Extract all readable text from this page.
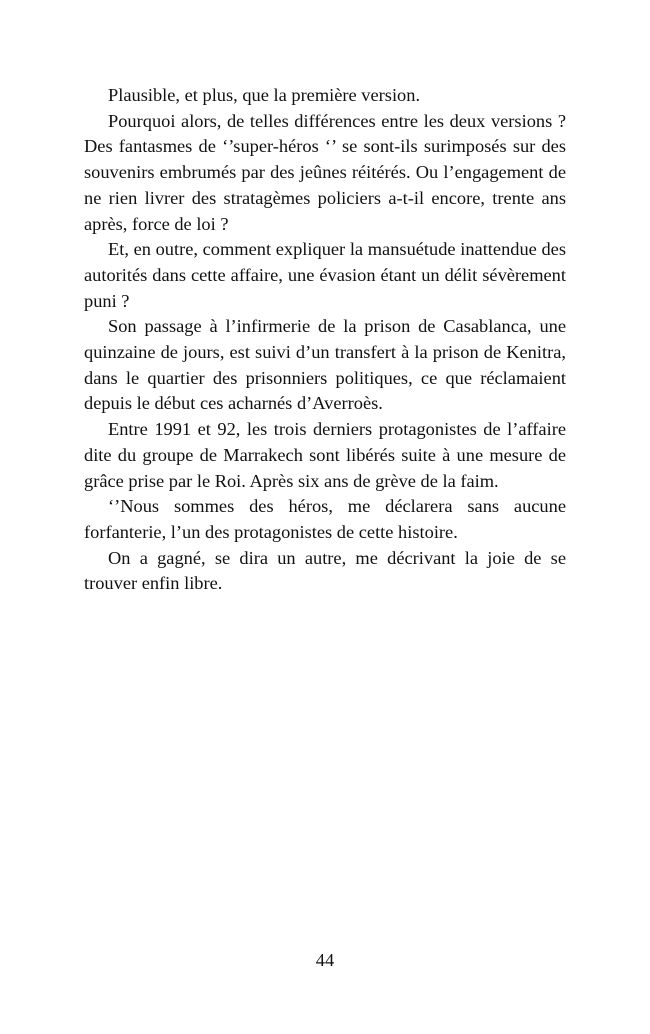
Plausible, et plus, que la première version.

Pourquoi alors, de telles différences entre les deux versions ? Des fantasmes de ‘’super-héros ‘’ se sont-ils surimposés sur des souvenirs embrumés par des jeûnes réitérés. Ou l’engagement de ne rien livrer des stratagèmes policiers a-t-il encore, trente ans après, force de loi ?

Et, en outre, comment expliquer la mansuétude inattendue des autorités dans cette affaire, une évasion étant un délit sévèrement puni ?

Son passage à l’infirmerie de la prison de Casablanca, une quinzaine de jours, est suivi d’un transfert à la prison de Kenitra, dans le quartier des prisonniers politiques, ce que réclamaient depuis le début ces acharnés d’Averroès.

Entre 1991 et 92, les trois derniers protagonistes de l’affaire dite du groupe de Marrakech sont libérés suite à une mesure de grâce prise par le Roi. Après six ans de grève de la faim.

‘’Nous sommes des héros, me déclarera sans aucune forfanterie, l’un des protagonistes de cette histoire.

On a gagné, se dira un autre, me décrivant la joie de se trouver enfin libre.

44
